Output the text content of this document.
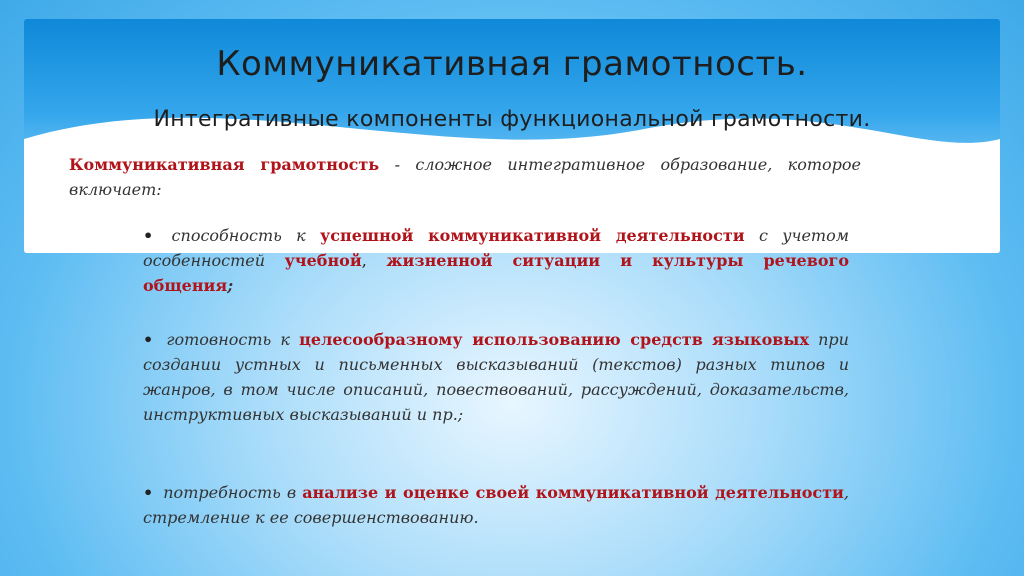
Коммуникативная грамотность.
Интегративные компоненты функциональной грамотности.
Коммуникативная грамотность - сложное интегративное образование, которое включает:
• способность к успешной коммуникативной деятельности с учетом особенностей учебной, жизненной ситуации и культуры речевого общения;
• готовность к целесообразному использованию средств языковых при создании устных и письменных высказываний (текстов) разных типов и жанров, в том числе описаний, повествований, рассуждений, доказательств, инструктивных высказываний и пр.;
• потребность в анализе и оценке своей коммуникативной деятельности, стремление к ее совершенствованию.
